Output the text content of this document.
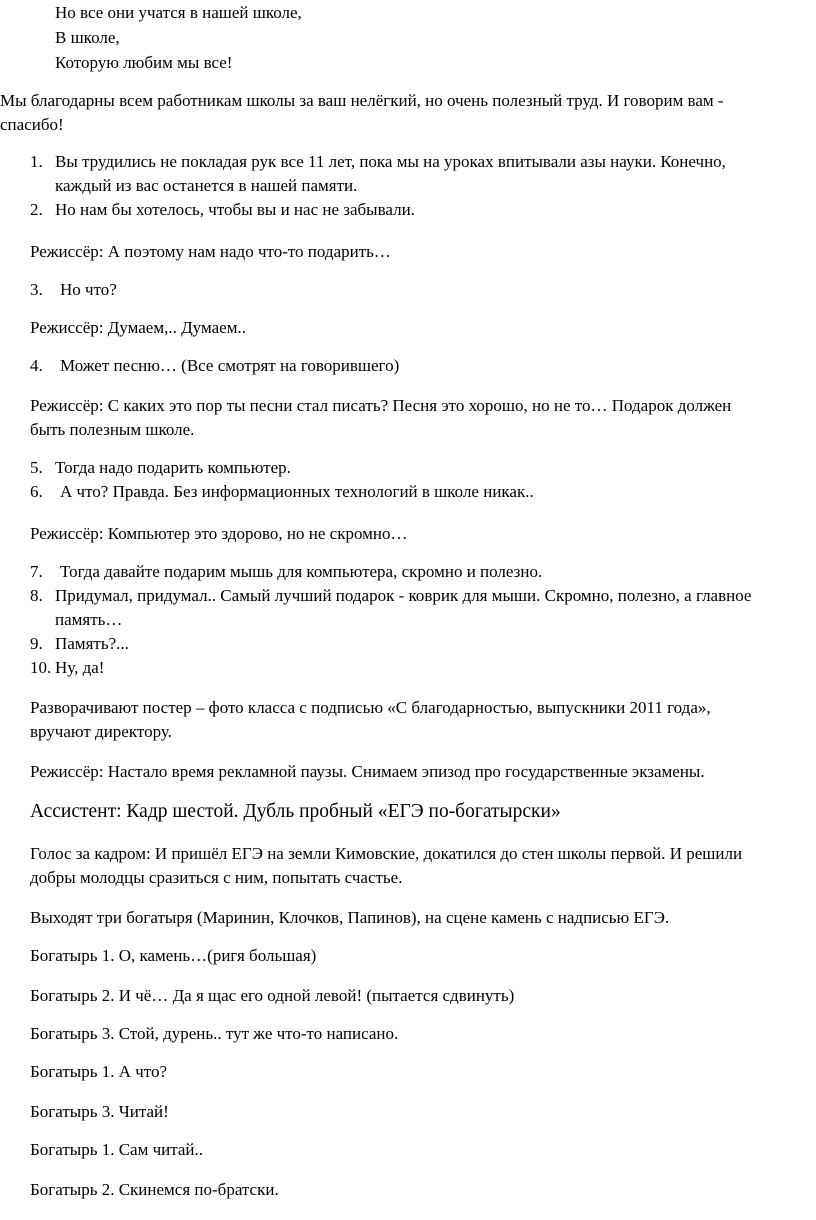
Но все они учатся в нашей школе,
В школе,
Которую любим мы все!
Мы благодарны всем работникам школы за ваш нелёгкий, но очень полезный труд. И говорим вам -
спасибо!
1. Вы трудились не покладая рук все 11 лет, пока мы на уроках впитывали азы науки. Конечно,
каждый из вас останется в нашей памяти.
2. Но нам бы хотелось, чтобы вы и нас не забывали.
Режиссёр: А поэтому нам надо что-то подарить…
3. Но что?
Режиссёр: Думаем,.. Думаем..
4. Может песню… (Все смотрят на говорившего)
Режиссёр: С каких это пор ты песни стал писать? Песня это хорошо, но не то… Подарок должен
быть полезным школе.
5. Тогда надо подарить компьютер.
6. А что? Правда. Без информационных технологий в школе никак..
Режиссёр: Компьютер это здорово, но не скромно…
7. Тогда давайте подарим мышь для компьютера, скромно и полезно.
8. Придумал, придумал.. Самый лучший подарок - коврик для мыши. Скромно, полезно, а главное
память…
9. Память?...
10. Ну, да!
Разворачивают постер – фото класса с подписью «С благодарностью, выпускники 2011 года»,
вручают директору.
Режиссёр: Настало время рекламной паузы. Снимаем эпизод про государственные экзамены.
Ассистент: Кадр шестой. Дубль пробный «ЕГЭ по-богатырски»
Голос за кадром: И пришёл ЕГЭ на земли Кимовские, докатился до стен школы первой. И решили
добры молодцы сразиться с ним, попытать счастье.
Выходят три богатыря (Маринин, Клочков, Папинов), на сцене камень с надписью ЕГЭ.
Богатырь 1. О, камень…(ригя большая)
Богатырь 2. И чё… Да я щас его одной левой! (пытается сдвинуть)
Богатырь 3. Стой, дурень.. тут же что-то написано.
Богатырь 1. А что?
Богатырь 3. Читай!
Богатырь 1. Сам читай..
Богатырь 2. Скинемся по-братски.
